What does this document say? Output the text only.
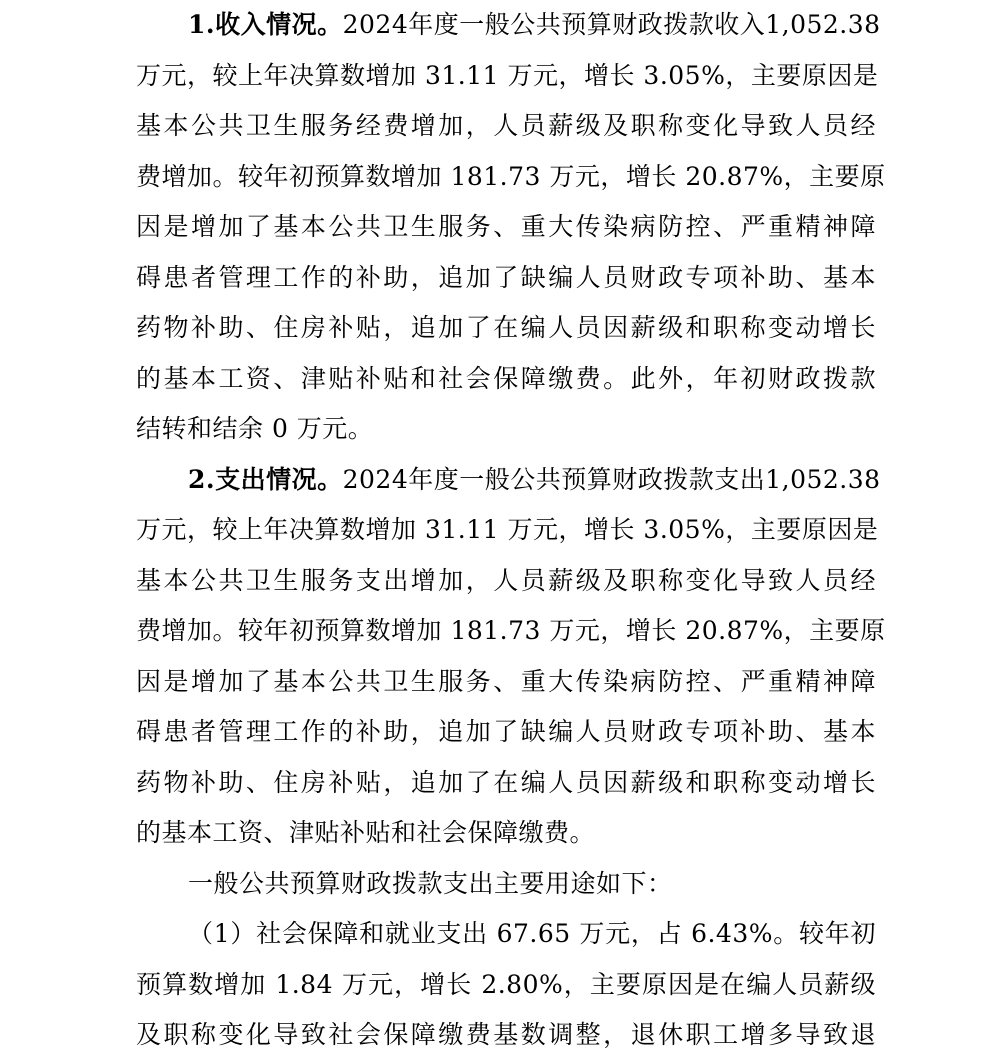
1.收入情况。2024年度一般公共预算财政拨款收入1,052.38
万元，较上年决算数增加 31.11 万元，增长 3.05%，主要原因是
基本公共卫生服务经费增加，人员薪级及职称变化导致人员经
费增加。较年初预算数增加 181.73 万元，增长 20.87%，主要原
因是增加了基本公共卫生服务、重大传染病防控、严重精神障
碍患者管理工作的补助，追加了缺编人员财政专项补助、基本
药物补助、住房补贴，追加了在编人员因薪级和职称变动增长
的基本工资、津贴补贴和社会保障缴费。此外，年初财政拨款
结转和结余 0 万元。
2.支出情况。2024年度一般公共预算财政拨款支出1,052.38
万元，较上年决算数增加 31.11 万元，增长 3.05%，主要原因是
基本公共卫生服务支出增加，人员薪级及职称变化导致人员经
费增加。较年初预算数增加 181.73 万元，增长 20.87%，主要原
因是增加了基本公共卫生服务、重大传染病防控、严重精神障
碍患者管理工作的补助，追加了缺编人员财政专项补助、基本
药物补助、住房补贴，追加了在编人员因薪级和职称变动增长
的基本工资、津贴补贴和社会保障缴费。
一般公共预算财政拨款支出主要用途如下：
（1）社会保障和就业支出 67.65 万元，占 6.43%。较年初
预算数增加 1.84 万元，增长 2.80%，主要原因是在编人员薪级
及职称变化导致社会保障缴费基数调整，退休职工增多导致退
